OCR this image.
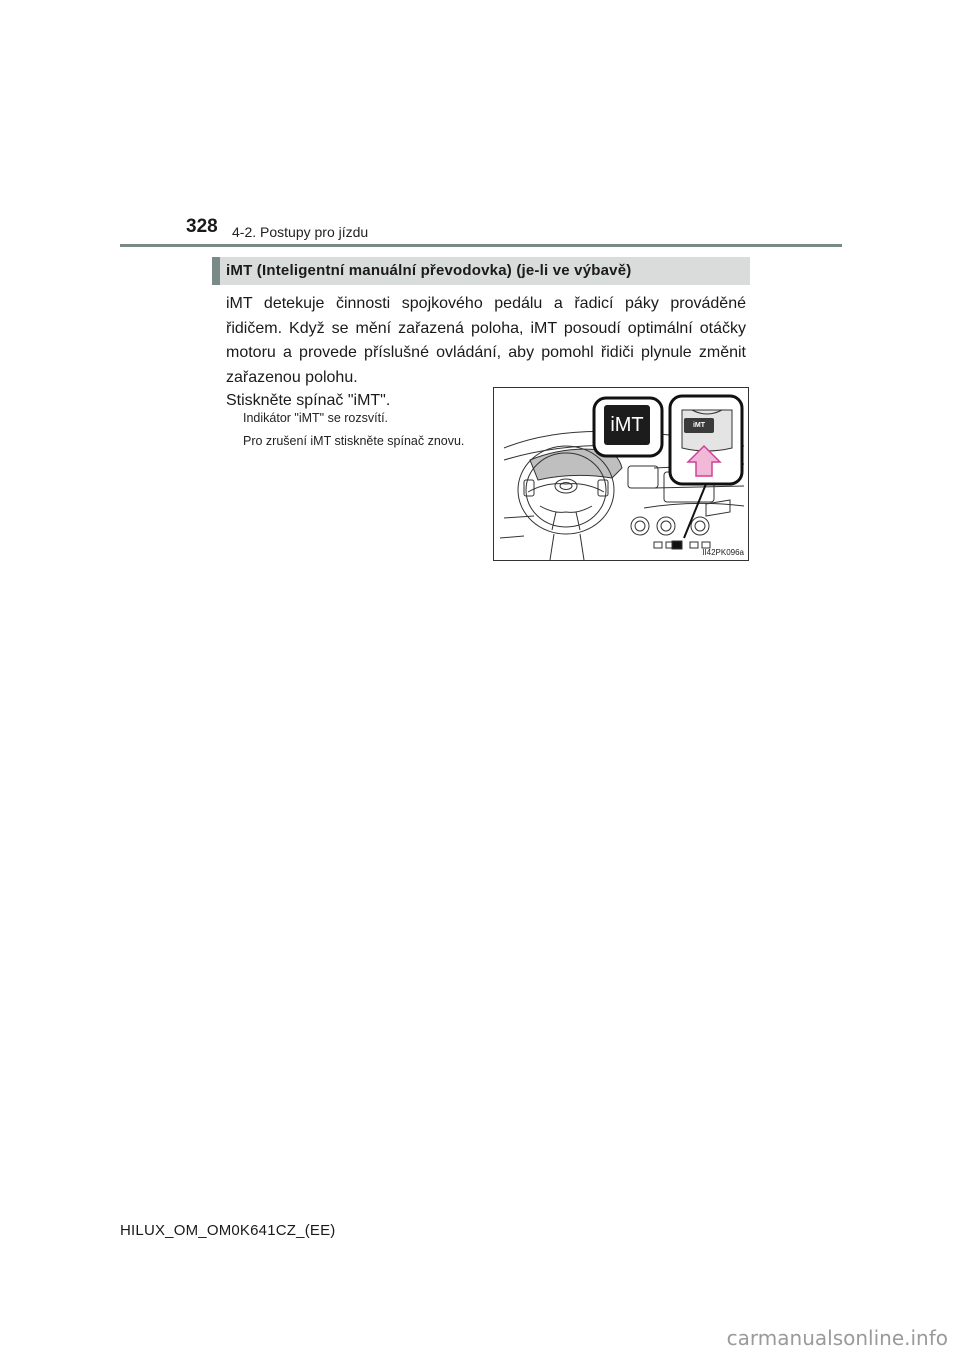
328 4-2. Postupy pro jízdu
iMT (Inteligentní manuální převodovka) (je-li ve výbavě)

iMT detekuje činnosti spojkového pedálu a řadicí páky prováděné řidičem. Když se mění zařazená poloha, iMT posoudí optimální otáčky motoru a provede příslušné ovládání, aby pomohl řidiči plynule změnit zařazenou polohu.

Stiskněte spínač "iMT".

Indikátor "iMT" se rozsvítí.

Pro zrušení iMT stiskněte spínač znovu.

II42PK096a
iMT	iMT
HILUX_OM_OM0K641CZ_(EE)
carmanualsonline.info
